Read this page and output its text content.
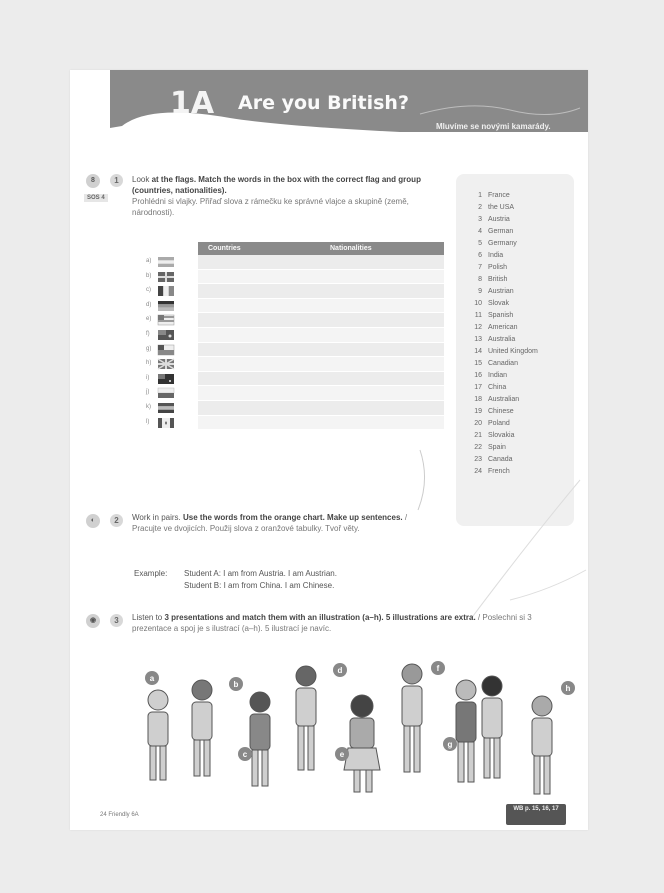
1A Are you British?
Mluvíme se novými kamarády.
8	1
SOS 4
Look at the flags. Match the words in the box with the correct flag and group (countries, nationalities).
Prohlédni si vlajky. Přiřaď slova z rámečku ke správné vlajce a skupině (země, národnosti).
	Countries	Nationalities

a)		

b)		

c)		

d)		

e)		

f)		

g)		

h)		

i)		

j)		

k)		

l)		

1 France
2 the USA
3 Austria
4 German
5 Germany
6 India
7 Polish
8 British
9 Austrian
10 Slovak
11 Spanish
12 American
13 Australia
14 United Kingdom
15 Canadian
16 Indian
17 China
18 Australian
19 Chinese
20 Poland
21 Slovakia
22 Spain
23 Canada
24 French
◐	2	Work in pairs. Use the words from the orange chart. Make up sentences. / Pracujte ve dvojicích. Použij slova z oranžové tabulky. Tvoř věty.
Example: Student A: I am from Austria. I am Austrian.
Student B: I am from China. I am Chinese.
◉	3	Listen to 3 presentations and match them with an illustration (a–h). 5 illustrations are extra. / Poslechni si 3 prezentace a spoj je s ilustrací (a–h). 5 ilustrací je navíc.
a
b
c
d
e
f
g
h
24 Friendly 6A
WB p. 15, 16, 17
